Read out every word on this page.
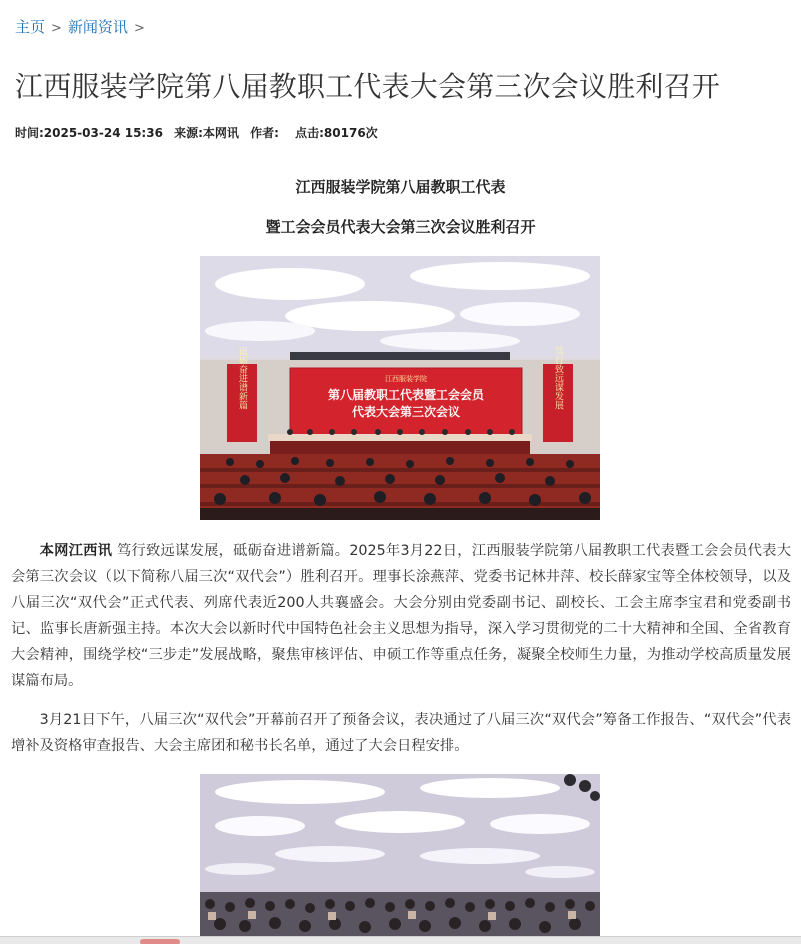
主页 > 新闻资讯 >
江西服装学院第八届教职工代表大会第三次会议胜利召开
时间:2025-03-24 15:36 来源:本网讯 作者: 点击:80176次
江西服装学院第八届教职工代表
暨工会会员代表大会第三次会议胜利召开
砥砺奋进谱新篇	笃行致远谋发展
江西服装学院
第八届教职工代表暨工会会员
代表大会第三次会议

本网江西讯 笃行致远谋发展，砥砺奋进谱新篇。2025年3月22日，江西服装学院第八届教职工代表暨工会会员代表大会第三次会议（以下简称八届三次“双代会”）胜利召开。理事长涂燕萍、党委书记林井萍、校长薛家宝等全体校领导，以及八届三次“双代会”正式代表、列席代表近200人共襄盛会。大会分别由党委副书记、副校长、工会主席李宝君和党委副书记、监事长唐新强主持。本次大会以新时代中国特色社会主义思想为指导，深入学习贯彻党的二十大精神和全国、全省教育大会精神，围绕学校“三步走”发展战略，聚焦审核评估、申硕工作等重点任务，凝聚全校师生力量，为推动学校高质量发展谋篇布局。

3月21日下午，八届三次“双代会”开幕前召开了预备会议，表决通过了八届三次“双代会”筹备工作报告、“双代会”代表增补及资格审查报告、大会主席团和秘书长名单，通过了大会日程安排。
